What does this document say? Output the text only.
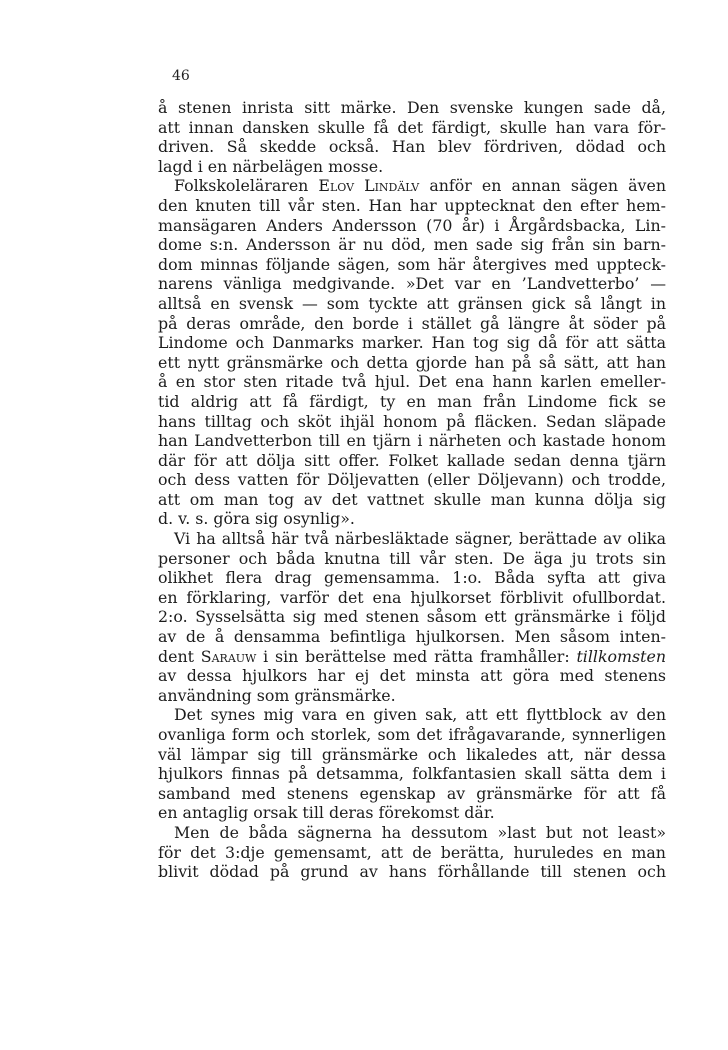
46
å stenen inrista sitt märke. Den svenske kungen sade då,
att innan dansken skulle få det färdigt, skulle han vara för-
driven. Så skedde också. Han blev fördriven, dödad och
lagd i en närbelägen mosse.
Folkskoleläraren Elov Lindälv anför en annan sägen även
den knuten till vår sten. Han har upptecknat den efter hem-
mansägaren Anders Andersson (70 år) i Årgårdsbacka, Lin-
dome s:n. Andersson är nu död, men sade sig från sin barn-
dom minnas följande sägen, som här återgives med uppteck-
narens vänliga medgivande. »Det var en ’Landvetterbo’ —
alltså en svensk — som tyckte att gränsen gick så långt in
på deras område, den borde i stället gå längre åt söder på
Lindome och Danmarks marker. Han tog sig då för att sätta
ett nytt gränsmärke och detta gjorde han på så sätt, att han
å en stor sten ritade två hjul. Det ena hann karlen emeller-
tid aldrig att få färdigt, ty en man från Lindome fick se
hans tilltag och sköt ihjäl honom på fläcken. Sedan släpade
han Landvetterbon till en tjärn i närheten och kastade honom
där för att dölja sitt offer. Folket kallade sedan denna tjärn
och dess vatten för Döljevatten (eller Döljevann) och trodde,
att om man tog av det vattnet skulle man kunna dölja sig
d. v. s. göra sig osynlig».
Vi ha alltså här två närbesläktade sägner, berättade av olika
personer och båda knutna till vår sten. De äga ju trots sin
olikhet flera drag gemensamma. 1:o. Båda syfta att giva
en förklaring, varför det ena hjulkorset förblivit ofullbordat.
2:o. Sysselsätta sig med stenen såsom ett gränsmärke i följd
av de å densamma befintliga hjulkorsen. Men såsom inten-
dent Sarauw i sin berättelse med rätta framhåller: tillkomsten
av dessa hjulkors har ej det minsta att göra med stenens
användning som gränsmärke.
Det synes mig vara en given sak, att ett flyttblock av den
ovanliga form och storlek, som det ifrågavarande, synnerligen
väl lämpar sig till gränsmärke och likaledes att, när dessa
hjulkors finnas på detsamma, folkfantasien skall sätta dem i
samband med stenens egenskap av gränsmärke för att få
en antaglig orsak till deras förekomst där.
Men de båda sägnerna ha dessutom »last but not least»
för det 3:dje gemensamt, att de berätta, huruledes en man
blivit dödad på grund av hans förhållande till stenen och
